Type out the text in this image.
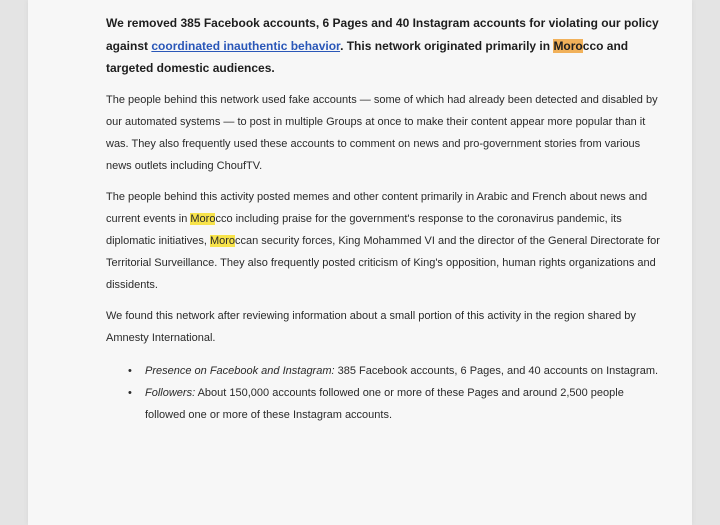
We removed 385 Facebook accounts, 6 Pages and 40 Instagram accounts for violating our policy against coordinated inauthentic behavior. This network originated primarily in Morocco and targeted domestic audiences.

The people behind this network used fake accounts — some of which had already been detected and disabled by our automated systems — to post in multiple Groups at once to make their content appear more popular than it was. They also frequently used these accounts to comment on news and pro-government stories from various news outlets including ChoufTV.

The people behind this activity posted memes and other content primarily in Arabic and French about news and current events in Morocco including praise for the government's response to the coronavirus pandemic, its diplomatic initiatives, Moroccan security forces, King Mohammed VI and the director of the General Directorate for Territorial Surveillance. They also frequently posted criticism of King's opposition, human rights organizations and dissidents.

We found this network after reviewing information about a small portion of this activity in the region shared by Amnesty International.

• Presence on Facebook and Instagram: 385 Facebook accounts, 6 Pages, and 40 accounts on Instagram.
• Followers: About 150,000 accounts followed one or more of these Pages and around 2,500 people followed one or more of these Instagram accounts.
